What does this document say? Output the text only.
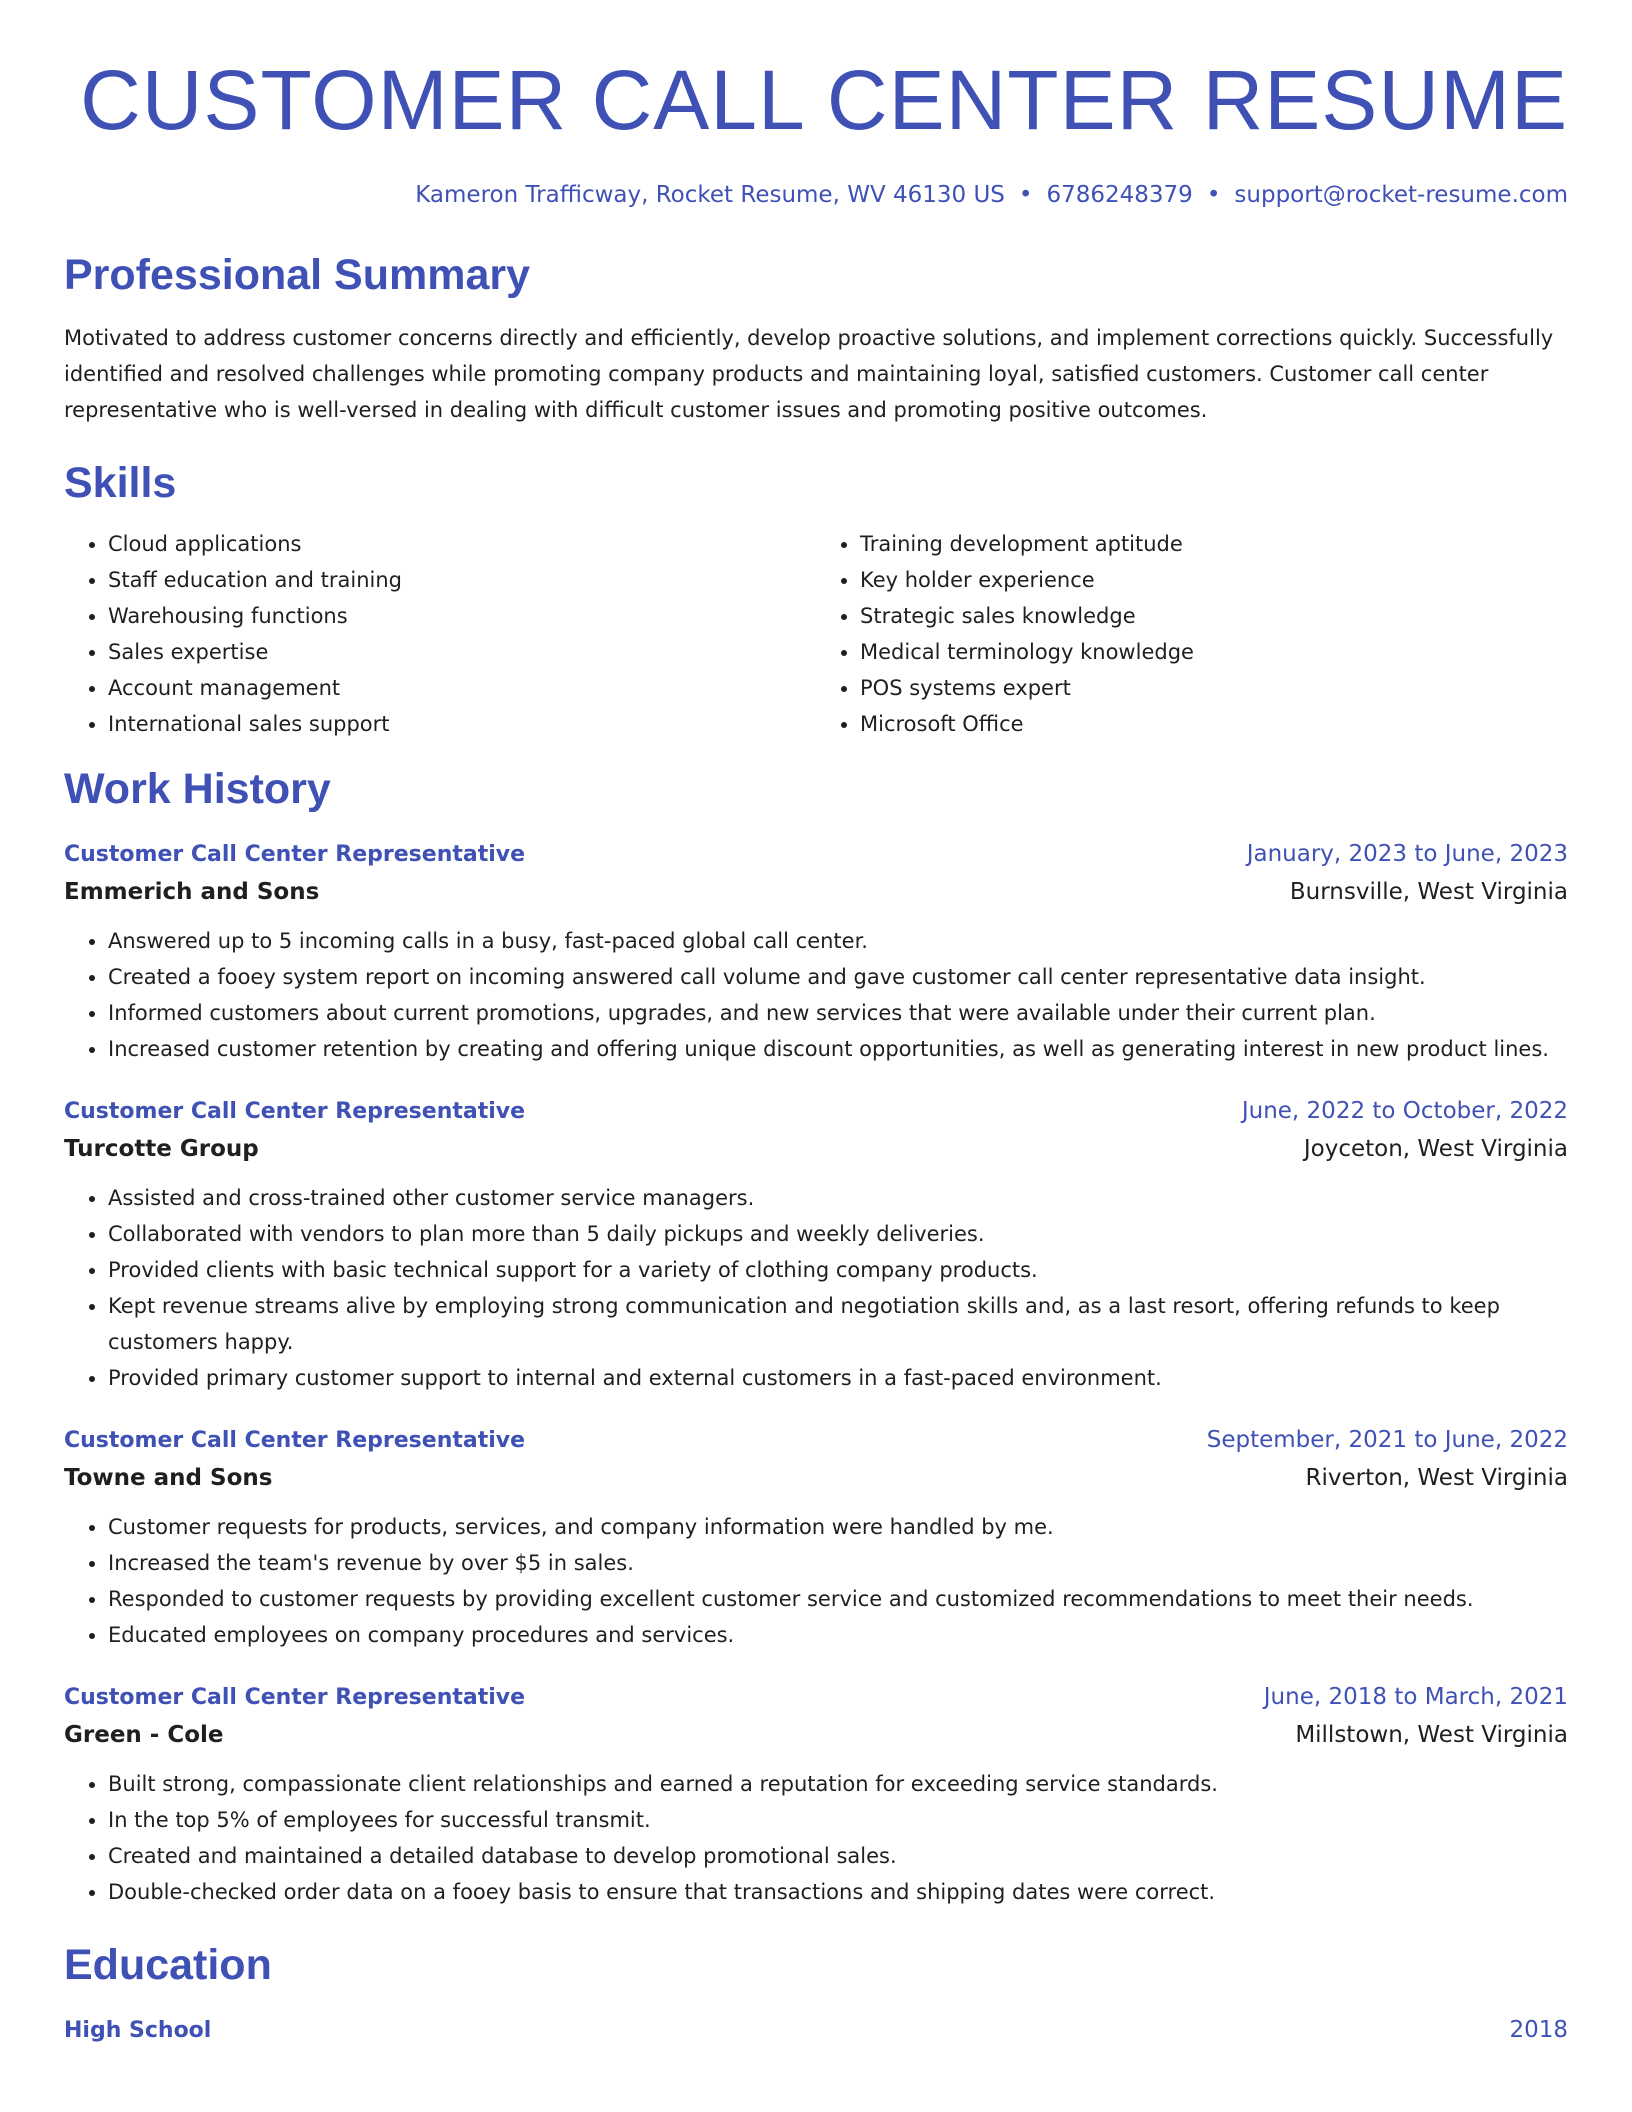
CUSTOMER CALL CENTER RESUME
Kameron Trafficway, Rocket Resume, WV 46130 US • 6786248379 • support@rocket-resume.com
Professional Summary

Motivated to address customer concerns directly and efficiently, develop proactive solutions, and implement corrections quickly. Successfully identified and resolved challenges while promoting company products and maintaining loyal, satisfied customers. Customer call center representative who is well-versed in dealing with difficult customer issues and promoting positive outcomes.

Skills
• Cloud applications
• Staff education and training
• Warehousing functions
• Sales expertise
• Account management
• International sales support
• Training development aptitude
• Key holder experience
• Strategic sales knowledge
• Medical terminology knowledge
• POS systems expert
• Microsoft Office
Work History
Customer Call Center Representative	January, 2023 to June, 2023
Emmerich and Sons	Burnsville, West Virginia
• Answered up to 5 incoming calls in a busy, fast-paced global call center.
• Created a fooey system report on incoming answered call volume and gave customer call center representative data insight.
• Informed customers about current promotions, upgrades, and new services that were available under their current plan.
• Increased customer retention by creating and offering unique discount opportunities, as well as generating interest in new product lines.
Customer Call Center Representative	June, 2022 to October, 2022
Turcotte Group	Joyceton, West Virginia
• Assisted and cross-trained other customer service managers.
• Collaborated with vendors to plan more than 5 daily pickups and weekly deliveries.
• Provided clients with basic technical support for a variety of clothing company products.
• Kept revenue streams alive by employing strong communication and negotiation skills and, as a last resort, offering refunds to keep customers happy.
• Provided primary customer support to internal and external customers in a fast-paced environment.
Customer Call Center Representative	September, 2021 to June, 2022
Towne and Sons	Riverton, West Virginia
• Customer requests for products, services, and company information were handled by me.
• Increased the team's revenue by over $5 in sales.
• Responded to customer requests by providing excellent customer service and customized recommendations to meet their needs.
• Educated employees on company procedures and services.
Customer Call Center Representative	June, 2018 to March, 2021
Green - Cole	Millstown, West Virginia
• Built strong, compassionate client relationships and earned a reputation for exceeding service standards.
• In the top 5% of employees for successful transmit.
• Created and maintained a detailed database to develop promotional sales.
• Double-checked order data on a fooey basis to ensure that transactions and shipping dates were correct.
Education
High School	2018
